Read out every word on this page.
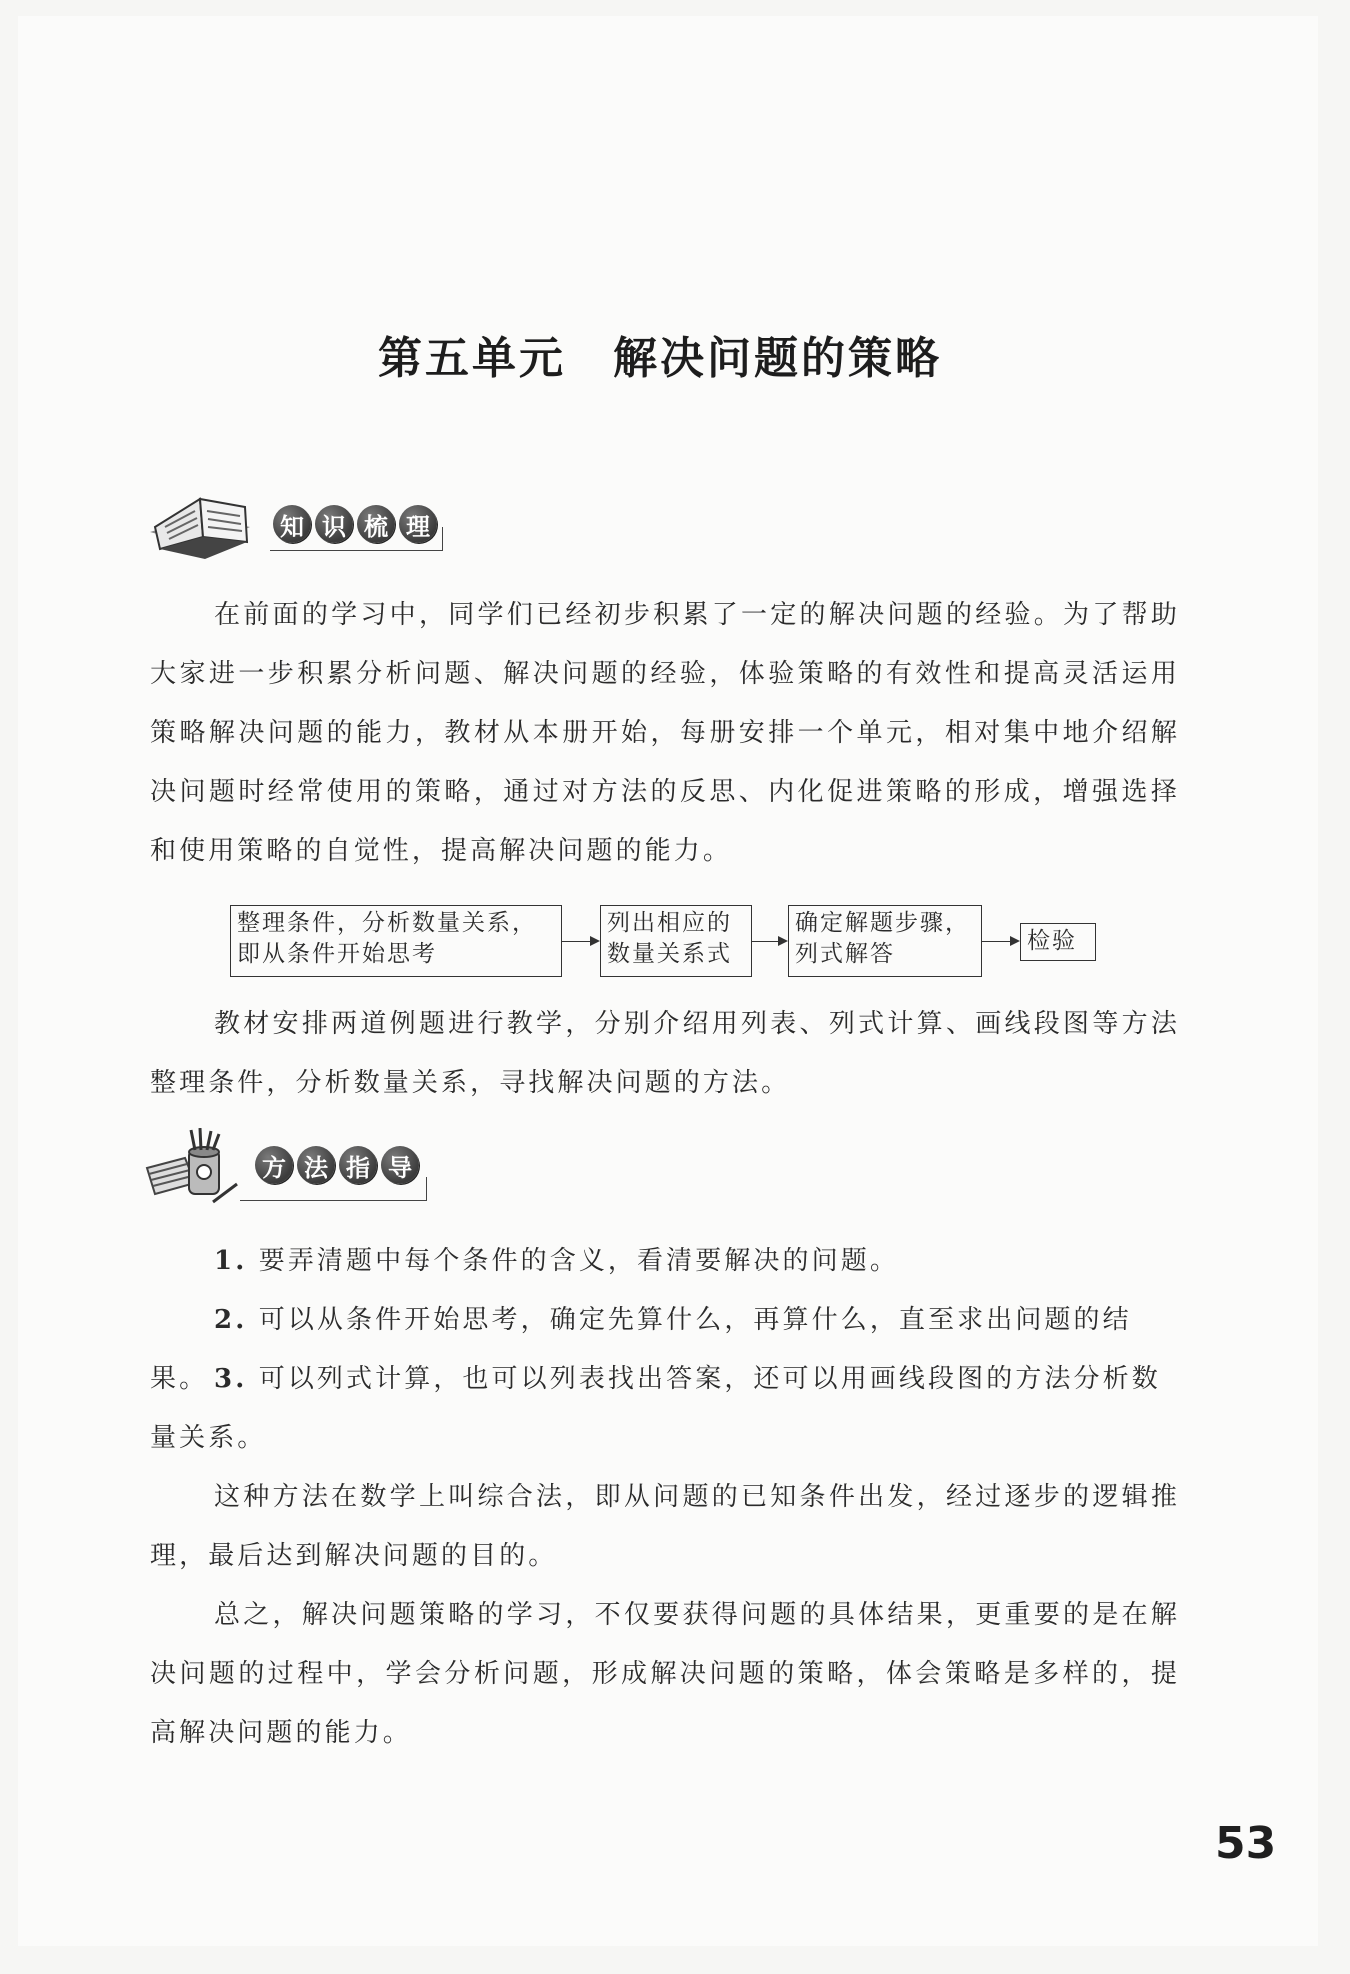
第五单元　解决问题的策略
知 识 梳 理
在前面的学习中，同学们已经初步积累了一定的解决问题的经验。为了帮助大家进一步积累分析问题、解决问题的经验，体验策略的有效性和提高灵活运用策略解决问题的能力，教材从本册开始，每册安排一个单元，相对集中地介绍解决问题时经常使用的策略，通过对方法的反思、内化促进策略的形成，增强选择和使用策略的自觉性，提高解决问题的能力。
整理条件，分析数量关系，
即从条件开始思考
列出相应的
数量关系式
确定解题步骤，
列式解答	检验
教材安排两道例题进行教学，分别介绍用列表、列式计算、画线段图等方法整理条件，分析数量关系，寻找解决问题的方法。
方 法 指 导
1. 要弄清题中每个条件的含义，看清要解决的问题。
2. 可以从条件开始思考，确定先算什么，再算什么，直至求出问题的结果。 3. 可以列式计算，也可以列表找出答案，还可以用画线段图的方法分析数量关系。
这种方法在数学上叫综合法，即从问题的已知条件出发，经过逐步的逻辑推理，最后达到解决问题的目的。
总之，解决问题策略的学习，不仅要获得问题的具体结果，更重要的是在解决问题的过程中，学会分析问题，形成解决问题的策略，体会策略是多样的，提高解决问题的能力。
53
